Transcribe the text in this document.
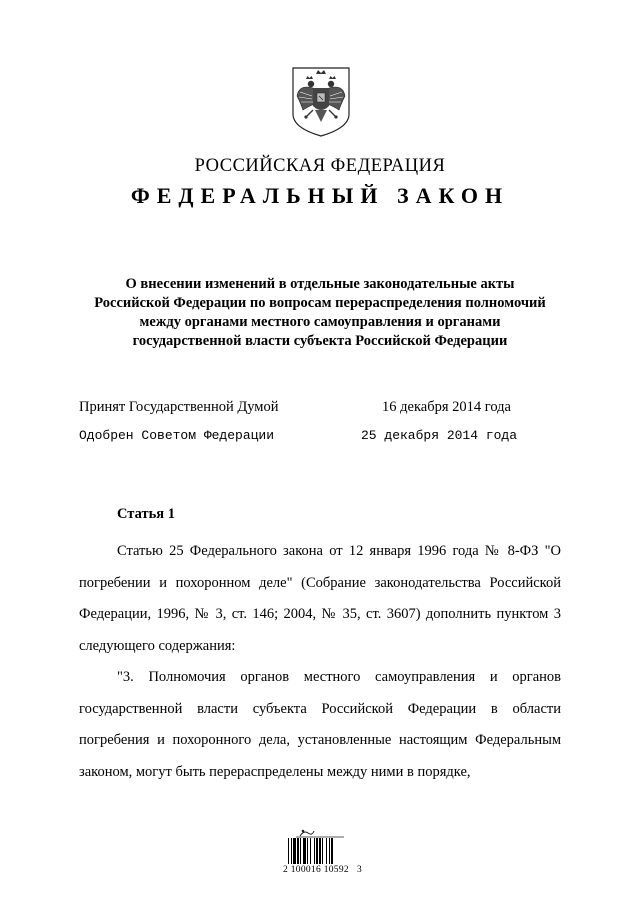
РОССИЙСКАЯ ФЕДЕРАЦИЯ
ФЕДЕРАЛЬНЫЙ ЗАКОН
О внесении изменений в отдельные законодательные акты
Российской Федерации по вопросам перераспределения полномочий
между органами местного самоуправления и органами
государственной власти субъекта Российской Федерации
Принят Государственной Думой	16 декабря 2014 года
Одобрен Советом Федерации	25 декабря 2014 года
Статья 1

Статью 25 Федерального закона от 12 января 1996 года № 8-ФЗ "О погребении и похоронном деле" (Собрание законодательства Российской Федерации, 1996, № 3, ст. 146; 2004, № 35, ст. 3607) дополнить пунктом 3 следующего содержания:

"3. Полномочия органов местного самоуправления и органов государственной власти субъекта Российской Федерации в области погребения и похоронного дела, установленные настоящим Федеральным законом, могут быть перераспределены между ними в порядке,

2 100016 10592   3
